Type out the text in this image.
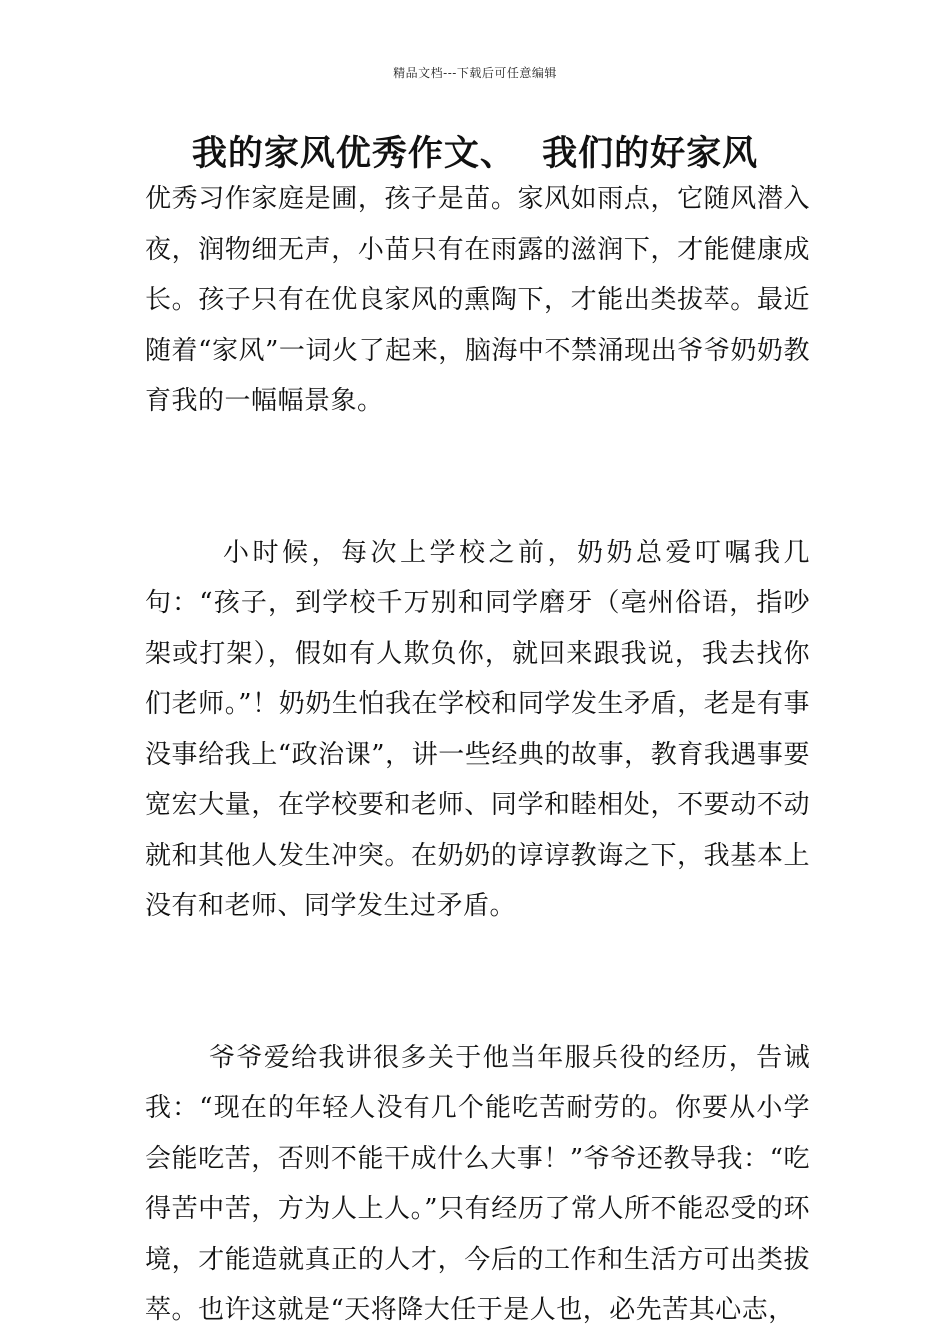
精品文档---下载后可任意编辑
我的家风优秀作文、  我们的好家风

优秀习作家庭是圃，孩子是苗。家风如雨点，它随风潜入夜，润物细无声，小苗只有在雨露的滋润下，才能健康成长。孩子只有在优良家风的熏陶下，才能出类拔萃。最近随着“家风”一词火了起来，脑海中不禁涌现出爷爷奶奶教育我的一幅幅景象。

小时候，每次上学校之前，奶奶总爱叮嘱我几句：“孩子，到学校千万别和同学磨牙（亳州俗语，指吵架或打架），假如有人欺负你，就回来跟我说，我去找你们老师。”！奶奶生怕我在学校和同学发生矛盾，老是有事没事给我上“政治课”，讲一些经典的故事，教育我遇事要宽宏大量，在学校要和老师、同学和睦相处，不要动不动就和其他人发生冲突。在奶奶的谆谆教诲之下，我基本上没有和老师、同学发生过矛盾。

爷爷爱给我讲很多关于他当年服兵役的经历，告诫我：“现在的年轻人没有几个能吃苦耐劳的。你要从小学会能吃苦，否则不能干成什么大事！”爷爷还教导我：“吃得苦中苦，方为人上人。”只有经历了常人所不能忍受的环境，才能造就真正的人才，今后的工作和生活方可出类拔萃。也许这就是“天将降大任于是人也，必先苦其心志，
